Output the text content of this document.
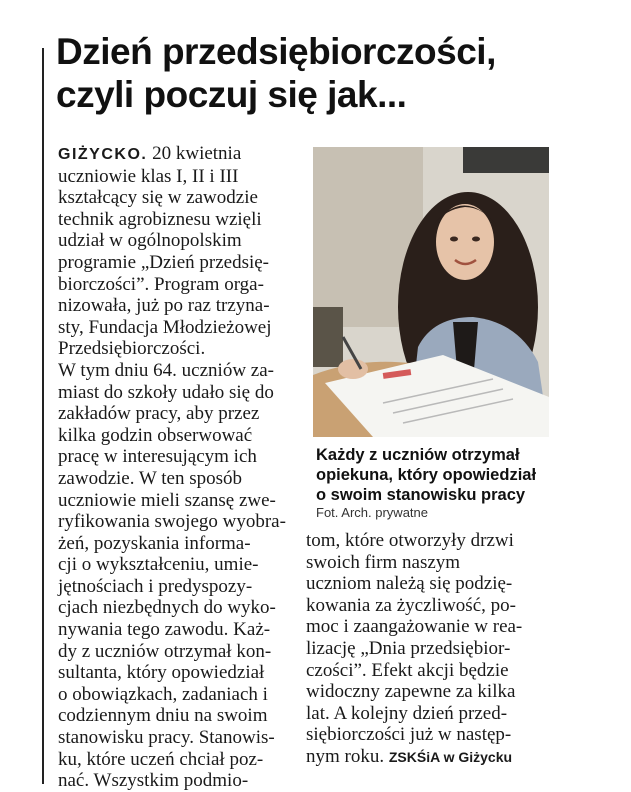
Dzień przedsiębiorczości,
czyli poczuj się jak...
GIŻYCKO. 20 kwietnia
uczniowie klas I, II i III
kształcący się w zawodzie
technik agrobiznesu wzięli
udział w ogólnopolskim
programie „Dzień przedsię-
biorczości”. Program orga-
nizowała, już po raz trzyna-
sty, Fundacja Młodzieżowej
Przedsiębiorczości.
W tym dniu 64. uczniów za-
miast do szkoły udało się do
zakładów pracy, aby przez
kilka godzin obserwować
pracę w interesującym ich
zawodzie. W ten sposób
uczniowie mieli szansę zwe-
ryfikowania swojego wyobra-
żeń, pozyskania informa-
cji o wykształceniu, umie-
jętnościach i predyspozy-
cjach niezbędnych do wyko-
nywania tego zawodu. Każ-
dy z uczniów otrzymał kon-
sultanta, który opowiedział
o obowiązkach, zadaniach i
codziennym dniu na swoim
stanowisku pracy. Stanowis-
ku, które uczeń chciał poz-
nać. Wszystkim podmio-
Każdy z uczniów otrzymał
opiekuna, który opowiedział
o swoim stanowisku pracy
Fot. Arch. prywatne
tom, które otworzyły drzwi
swoich firm naszym
uczniom należą się podzię-
kowania za życzliwość, po-
moc i zaangażowanie w rea-
lizację „Dnia przedsiębior-
czości”. Efekt akcji będzie
widoczny zapewne za kilka
lat. A kolejny dzień przed-
siębiorczości już w następ-
nym roku. ZSKŚiA w Giżycku
